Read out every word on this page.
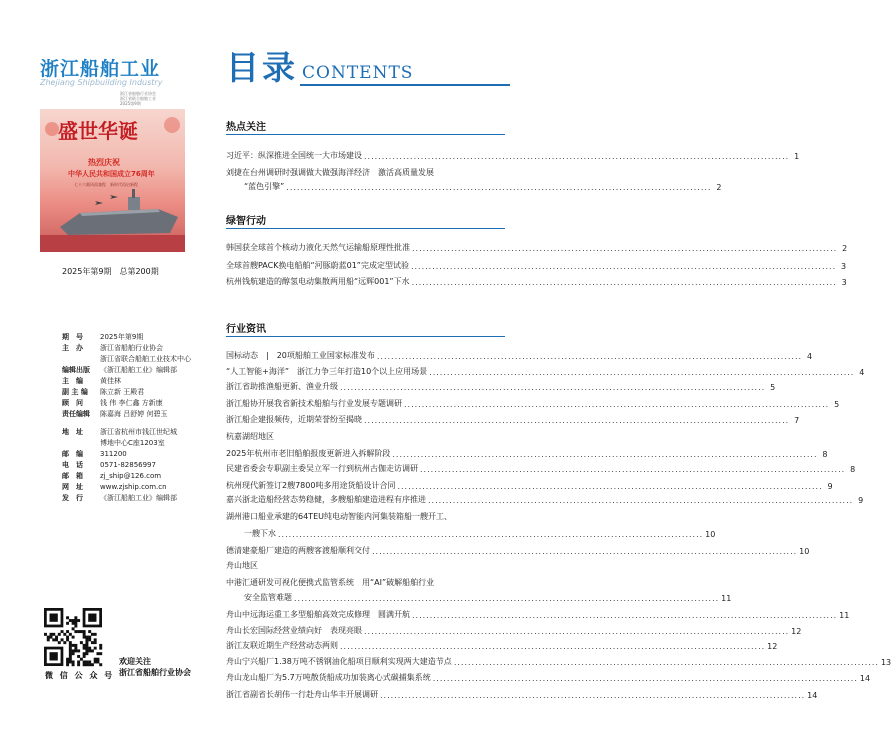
浙江船舶工业
Zhejiang Shipbuilding Industry
浙江省船舶行业协会
浙江省联合船舶工业
2025第9期
盛世华诞
热烈庆祝
中华人民共和国成立76周年
七十六载风雨兼程　新时代再启新程
2025年第9期　总第200期
期　号	2025年第9期
主　办	浙江省船舶行业协会
浙江省联合船舶工业技术中心
编辑出版	《浙江船舶工业》编辑部
主　编	黄佳林
副 主 编	陈立新 王殿君
顾　问	钱 伟 李仁鑫 方新康
责任编辑	陈嘉海 吕舒婷 何碧玉
地　址	浙江省杭州市钱江世纪城
博地中心C座1203室
邮　编	311200
电　话	0571-82856997
邮　箱	zj_ship@126.com
网　址	www.zjship.com.cn
发　行	《浙江船舶工业》编辑部
微 信 公 众 号
欢迎关注
浙江省船舶行业协会
目录 CONTENTS
热点关注
习近平：纵深推进全国统一大市场建设 ........................................................................................................................ 1
刘捷在台州调研时强调做大做强海洋经济　激活高质量发展
“蓝色引擎” ........................................................................................................................ 2
绿智行动
韩国获全球首个核动力液化天然气运输船原理性批准 ........................................................................................................................ 2
全球首艘PACK换电船舶“河豚蔚蓝01”完成定型试验 ........................................................................................................................ 3
杭州钱航建造的醇氢电动集散两用船“远辉001”下水 ........................................................................................................................ 3
行业资讯
国标动态　|　20项船舶工业国家标准发布 ........................................................................................................................ 4
“人工智能+海洋”　浙江力争三年打造10个以上应用场景 ........................................................................................................................ 4
浙江省助推渔船更新、渔业升级 ........................................................................................................................ 5
浙江船协开展我省新技术船舶与行业发展专题调研 ........................................................................................................................ 5
浙江船企建报频传，近期荣誉纷至揭晓 ........................................................................................................................ 7
杭嘉湖绍地区
2025年杭州市老旧船舶报废更新进入拆解阶段 ........................................................................................................................ 8
民建省委会专职副主委吴立军一行到杭州古伽走访调研 ........................................................................................................................ 8
杭州现代新签订2艘7800吨多用途货船设计合同 ........................................................................................................................ 9
嘉兴浙北造船经营态势稳健，多艘船舶建造进程有序推进 ........................................................................................................................ 9
湖州港口船业承建的64TEU纯电动智能内河集装箱船一艘开工、
一艘下水 ........................................................................................................................ 10
德清建豪船厂建造的两艘客渡船顺利交付 ........................................................................................................................ 10
舟山地区
中港汇通研发可视化便携式监管系统　用“AI”破解船舶行业
安全监管难题 ........................................................................................................................ 11
舟山中远海运重工多型船舶高效完成修理　圆满开航 ........................................................................................................................ 11
舟山长宏国际经营业绩向好　表现亮眼 ........................................................................................................................ 12
浙江友联近期生产经营动态两则 ........................................................................................................................ 12
舟山宁兴船厂1.38万吨不锈钢油化船项目顺利实现两大建造节点 ........................................................................................................................ 13
舟山龙山船厂为5.7万吨散货船成功加装离心式碳捕集系统 ........................................................................................................................ 14
浙江省副省长胡伟一行赴舟山华丰开展调研 ........................................................................................................................ 14
